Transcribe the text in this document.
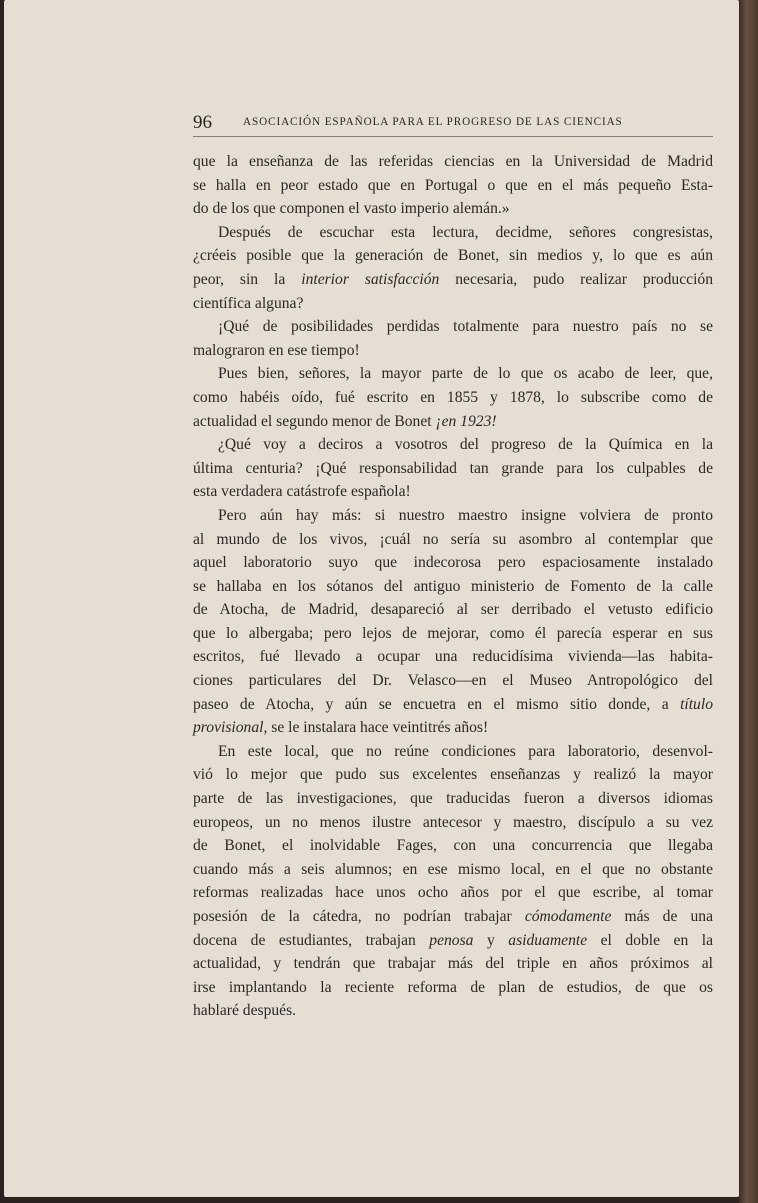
96	ASOCIACIÓN ESPAÑOLA PARA EL PROGRESO DE LAS CIENCIAS
que la enseñanza de las referidas ciencias en la Universidad de Madrid
se halla en peor estado que en Portugal o que en el más pequeño Esta-
do de los que componen el vasto imperio alemán.»
Después de escuchar esta lectura, decidme, señores congresistas,
¿créeis posible que la generación de Bonet, sin medios y, lo que es aún
peor, sin la interior satisfacción necesaria, pudo realizar producción
científica alguna?
¡Qué de posibilidades perdidas totalmente para nuestro país no se
malograron en ese tiempo!
Pues bien, señores, la mayor parte de lo que os acabo de leer, que,
como habéis oído, fué escrito en 1855 y 1878, lo subscribe como de
actualidad el segundo menor de Bonet ¡en 1923!
¿Qué voy a deciros a vosotros del progreso de la Química en la
última centuria? ¡Qué responsabilidad tan grande para los culpables de
esta verdadera catástrofe española!
Pero aún hay más: si nuestro maestro insigne volviera de pronto
al mundo de los vivos, ¡cuál no sería su asombro al contemplar que
aquel laboratorio suyo que indecorosa pero espaciosamente instalado
se hallaba en los sótanos del antiguo ministerio de Fomento de la calle
de Atocha, de Madrid, desapareció al ser derribado el vetusto edificio
que lo albergaba; pero lejos de mejorar, como él parecía esperar en sus
escritos, fué llevado a ocupar una reducidísima vivienda—las habita-
ciones particulares del Dr. Velasco—en el Museo Antropológico del
paseo de Atocha, y aún se encuetra en el mismo sitio donde, a título
provisional, se le instalara hace veintitrés años!
En este local, que no reúne condiciones para laboratorio, desenvol-
vió lo mejor que pudo sus excelentes enseñanzas y realizó la mayor
parte de las investigaciones, que traducidas fueron a diversos idiomas
europeos, un no menos ilustre antecesor y maestro, discípulo a su vez
de Bonet, el inolvidable Fages, con una concurrencia que llegaba
cuando más a seis alumnos; en ese mismo local, en el que no obstante
reformas realizadas hace unos ocho años por el que escribe, al tomar
posesión de la cátedra, no podrían trabajar cómodamente más de una
docena de estudiantes, trabajan penosa y asiduamente el doble en la
actualidad, y tendrán que trabajar más del triple en años próximos al
irse implantando la reciente reforma de plan de estudios, de que os
hablaré después.
